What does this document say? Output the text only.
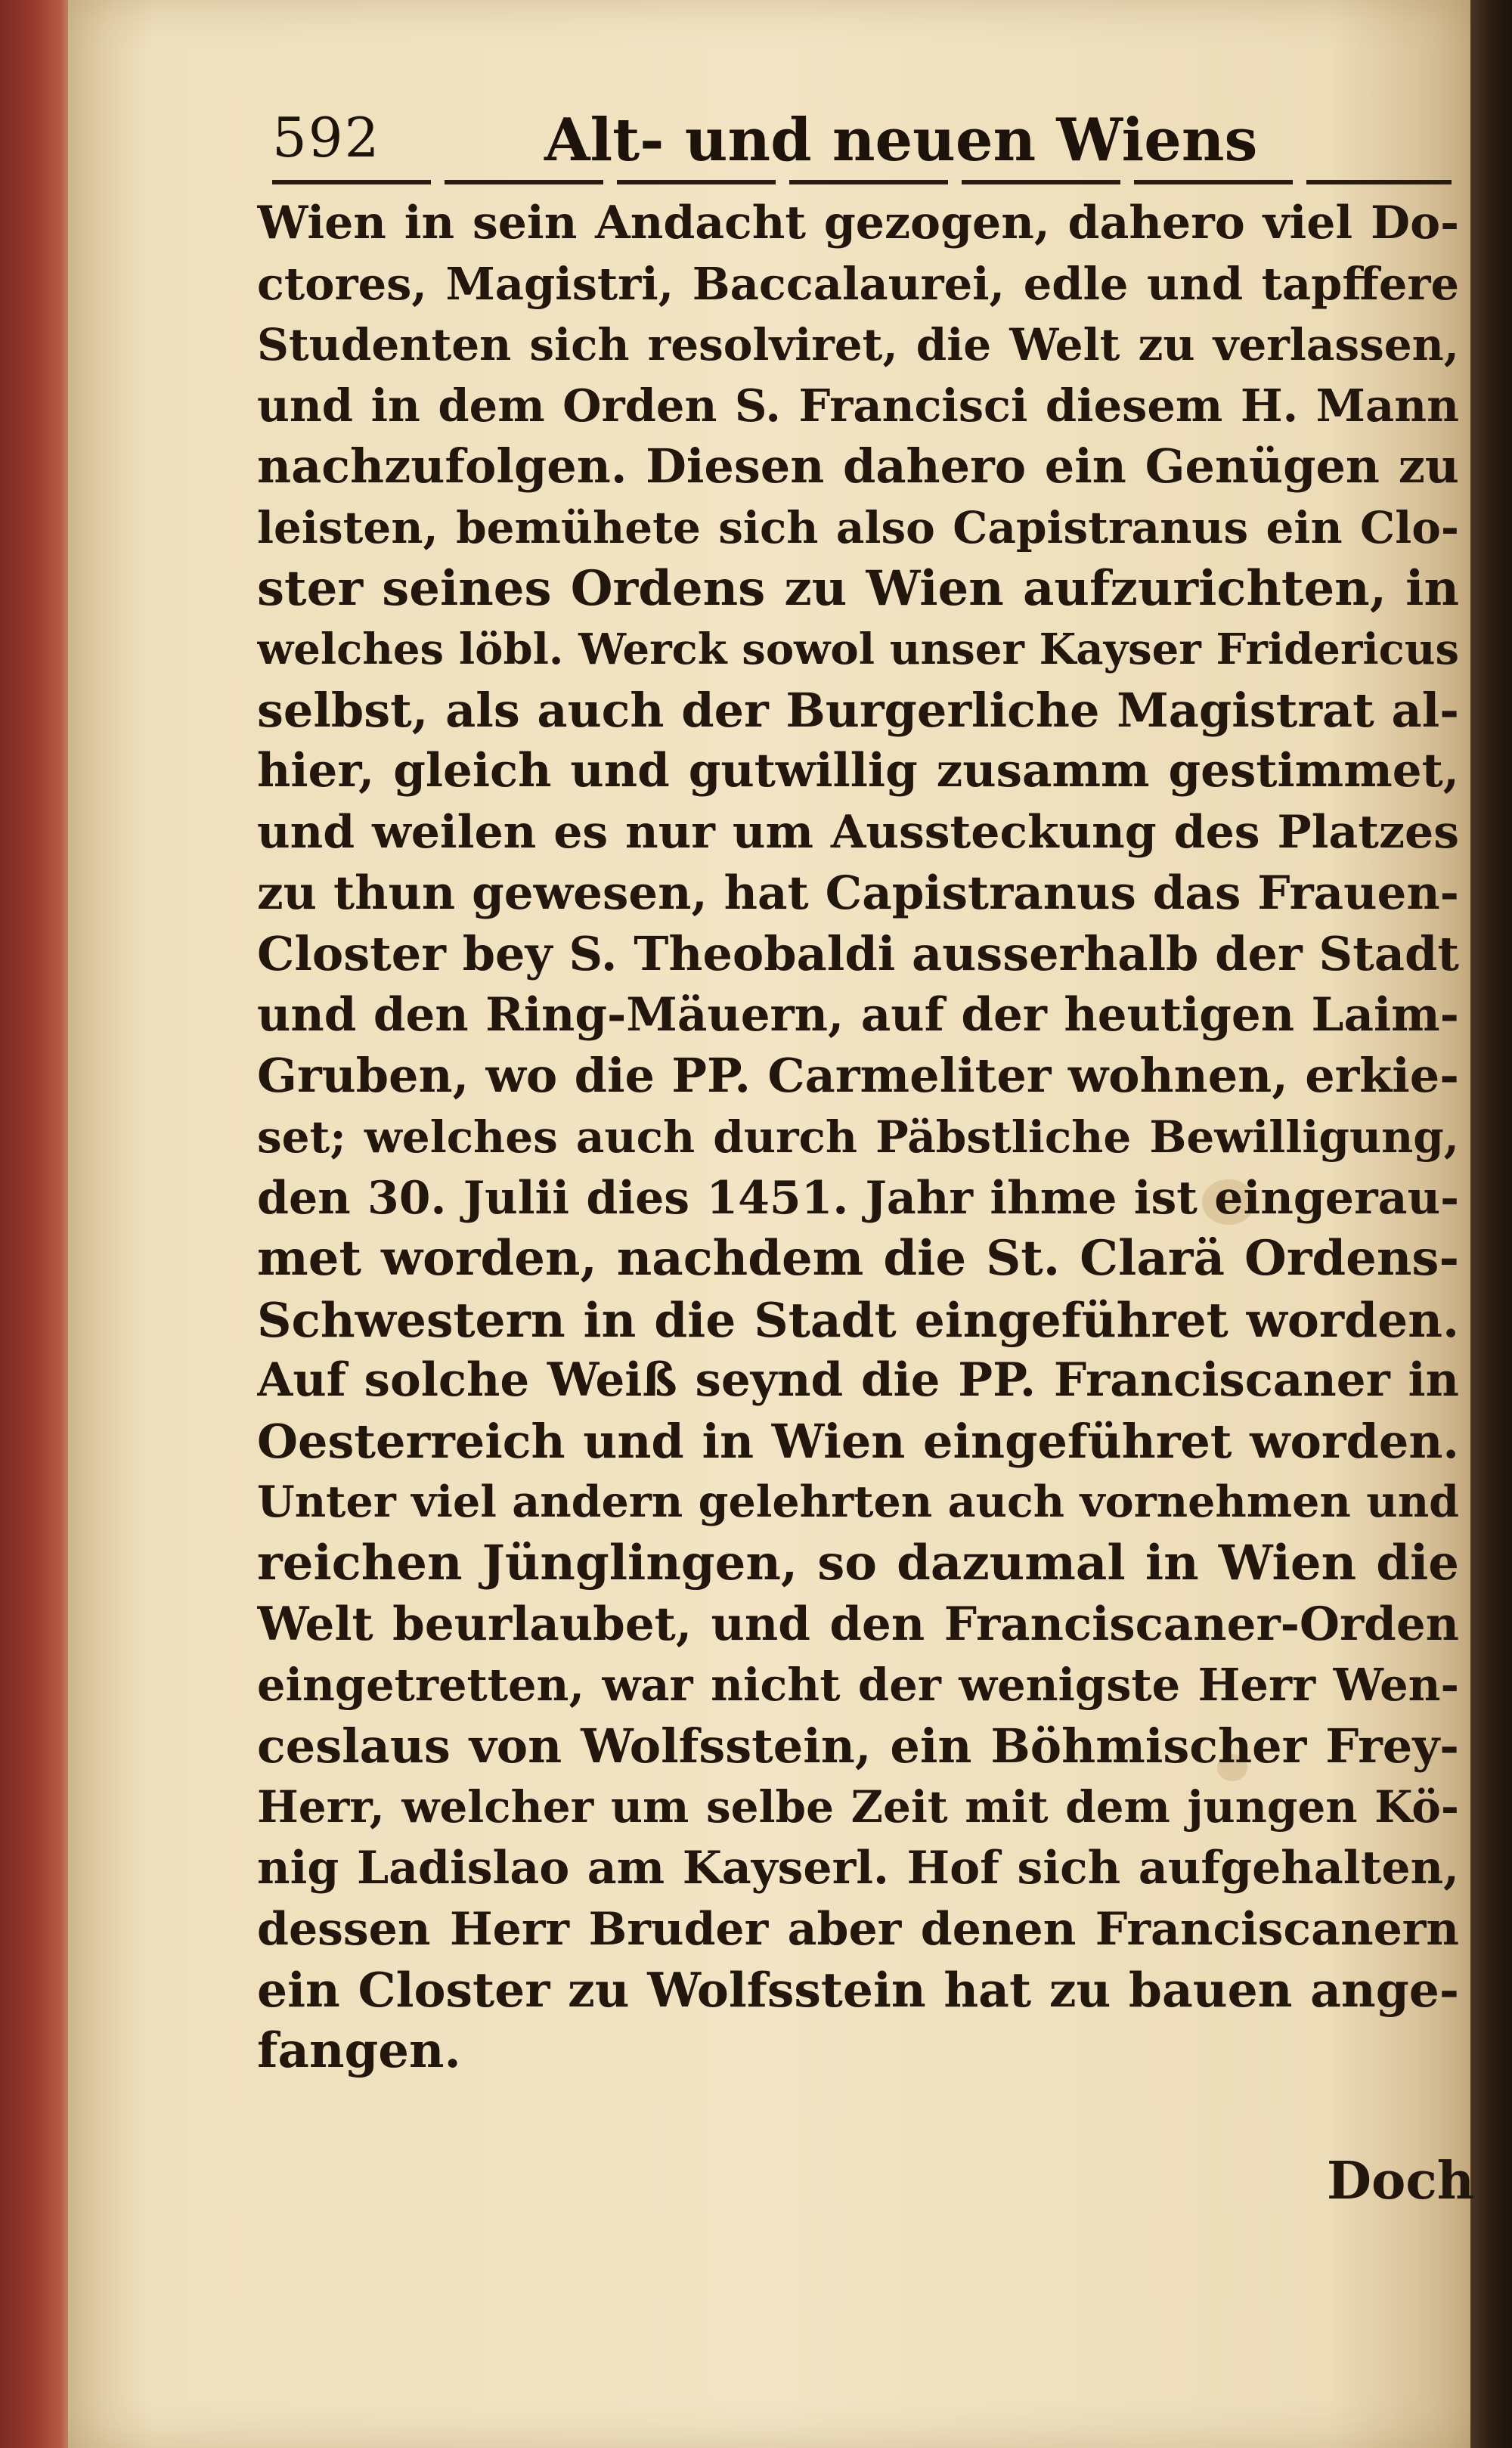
592	Alt- und neuen Wiens
Wien in sein Andacht gezogen, dahero viel Do-
ctores, Magistri, Baccalaurei, edle und tapffere
Studenten sich resolviret, die Welt zu verlassen,
und in dem Orden S. Francisci diesem H. Mann
nachzufolgen. Diesen dahero ein Genügen zu
leisten, bemühete sich also Capistranus ein Clo-
ster seines Ordens zu Wien aufzurichten, in
welches löbl. Werck sowol unser Kayser Fridericus
selbst, als auch der Burgerliche Magistrat al-
hier, gleich und gutwillig zusamm gestimmet,
und weilen es nur um Aussteckung des Platzes
zu thun gewesen, hat Capistranus das Frauen-
Closter bey S. Theobaldi ausserhalb der Stadt
und den Ring-Mäuern, auf der heutigen Laim-
Gruben, wo die PP. Carmeliter wohnen, erkie-
set; welches auch durch Päbstliche Bewilligung,
den 30. Julii dies 1451. Jahr ihme ist eingerau-
met worden, nachdem die St. Clarä Ordens-
Schwestern in die Stadt eingeführet worden.
Auf solche Weiß seynd die PP. Franciscaner in
Oesterreich und in Wien eingeführet worden.
Unter viel andern gelehrten auch vornehmen und
reichen Jünglingen, so dazumal in Wien die
Welt beurlaubet, und den Franciscaner-Orden
eingetretten, war nicht der wenigste Herr Wen-
ceslaus von Wolfsstein, ein Böhmischer Frey-
Herr, welcher um selbe Zeit mit dem jungen Kö-
nig Ladislao am Kayserl. Hof sich aufgehalten,
dessen Herr Bruder aber denen Franciscanern
ein Closter zu Wolfsstein hat zu bauen ange-
fangen.
Doch
